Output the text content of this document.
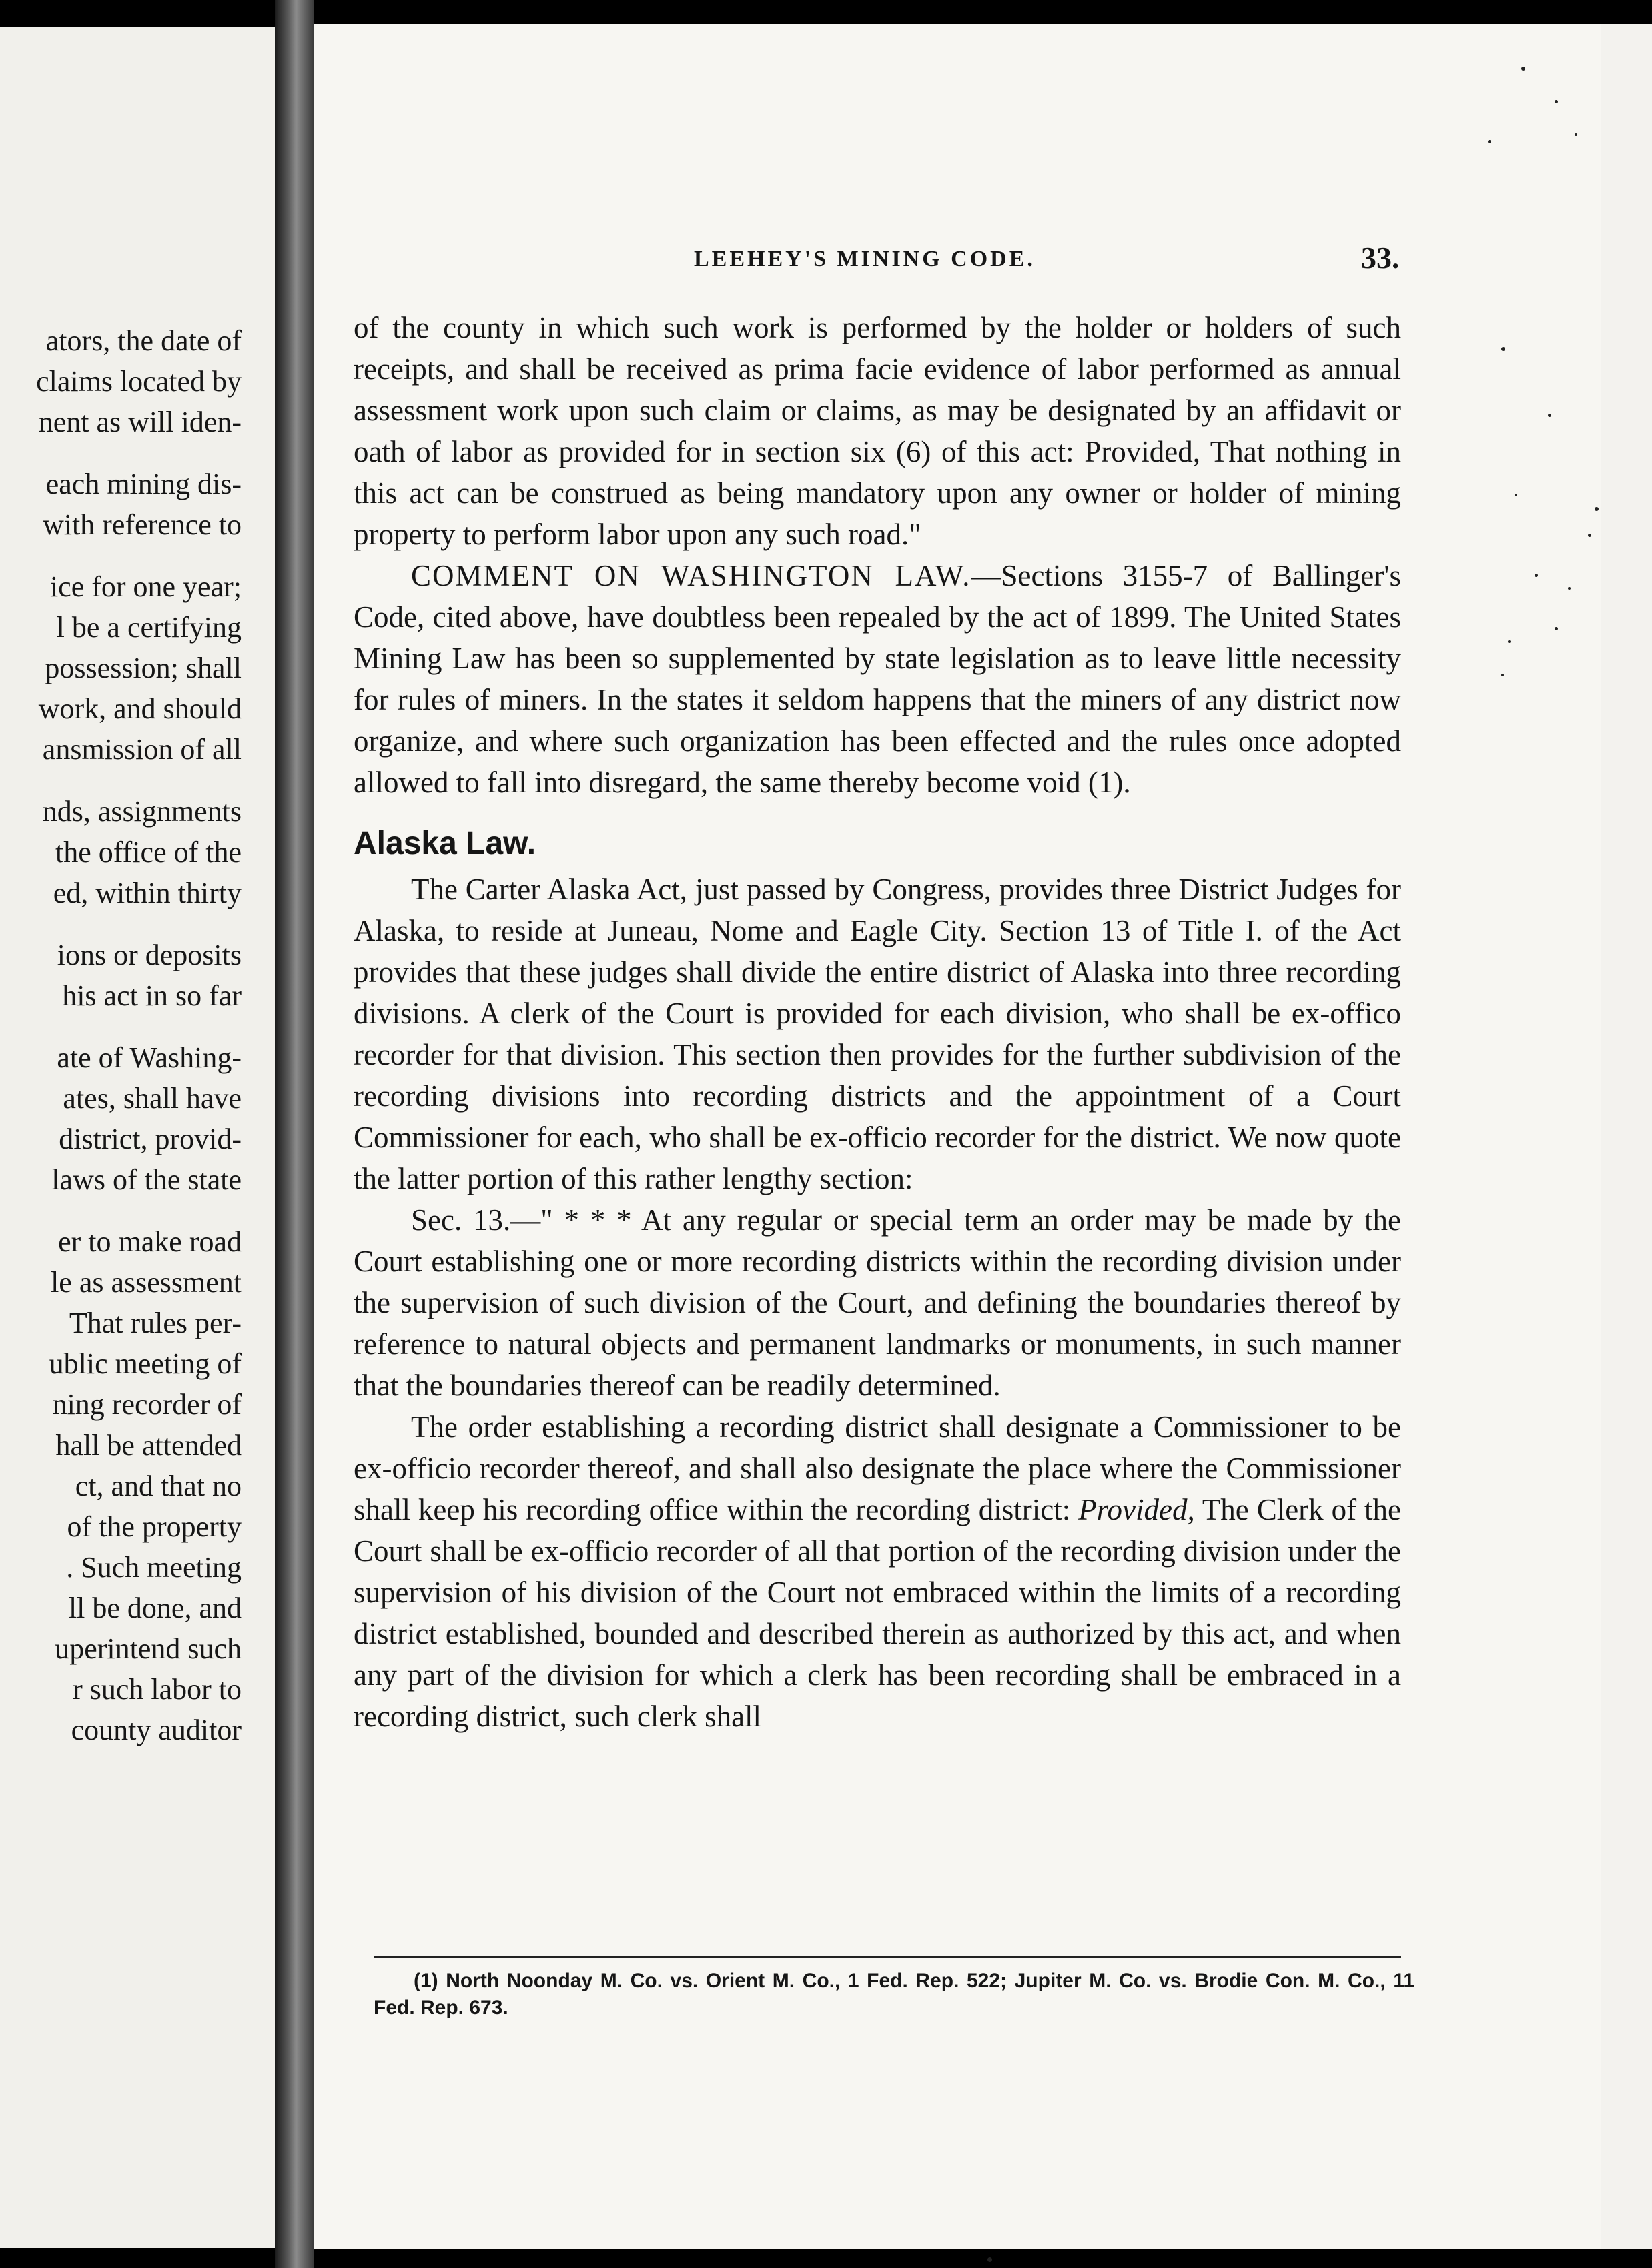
ators, the date of
claims located by
nent as will iden-
each mining dis-
with reference to
ice for one year;
l be a certifying
possession; shall
work, and should
ansmission of all
nds, assignments
the office of the
ed, within thirty
ions or deposits
his act in so far
ate of Washing-
ates, shall have
district, provid-
laws of the state
er to make road
le as assessment
That rules per-
ublic meeting of
ning recorder of
hall be attended
ct, and that no
of the property
. Such meeting
ll be done, and
uperintend such
r such labor to
county auditor
LEEHEY'S MINING CODE.	33.

of the county in which such work is performed by the holder or holders of such receipts, and shall be received as prima facie evidence of labor performed as annual assessment work upon such claim or claims, as may be designated by an affidavit or oath of labor as provided for in section six (6) of this act: Provided, That nothing in this act can be construed as being mandatory upon any owner or holder of mining property to perform labor upon any such road."

COMMENT ON WASHINGTON LAW.—Sections 3155-7 of Ballinger's Code, cited above, have doubtless been repealed by the act of 1899. The United States Mining Law has been so supplemented by state legislation as to leave little necessity for rules of miners. In the states it seldom happens that the miners of any district now organize, and where such organization has been effected and the rules once adopted allowed to fall into disregard, the same thereby become void (1).

Alaska Law.

The Carter Alaska Act, just passed by Congress, provides three District Judges for Alaska, to reside at Juneau, Nome and Eagle City. Section 13 of Title I. of the Act provides that these judges shall divide the entire district of Alaska into three recording divisions. A clerk of the Court is provided for each division, who shall be ex-offico recorder for that division. This section then provides for the further subdivision of the recording divisions into recording districts and the appointment of a Court Commissioner for each, who shall be ex-officio recorder for the district. We now quote the latter portion of this rather lengthy section:

Sec. 13.—" * * * At any regular or special term an order may be made by the Court establishing one or more recording districts within the recording division under the supervision of such division of the Court, and defining the boundaries thereof by reference to natural objects and permanent landmarks or monuments, in such manner that the boundaries thereof can be readily determined.

The order establishing a recording district shall designate a Commissioner to be ex-officio recorder thereof, and shall also designate the place where the Commissioner shall keep his recording office within the recording district: Provided, The Clerk of the Court shall be ex-officio recorder of all that portion of the recording division under the supervision of his division of the Court not embraced within the limits of a recording district established, bounded and described therein as authorized by this act, and when any part of the division for which a clerk has been recording shall be embraced in a recording district, such clerk shall

(1) North Noonday M. Co. vs. Orient M. Co., 1 Fed. Rep. 522; Jupiter M. Co. vs. Brodie Con. M. Co., 11 Fed. Rep. 673.
